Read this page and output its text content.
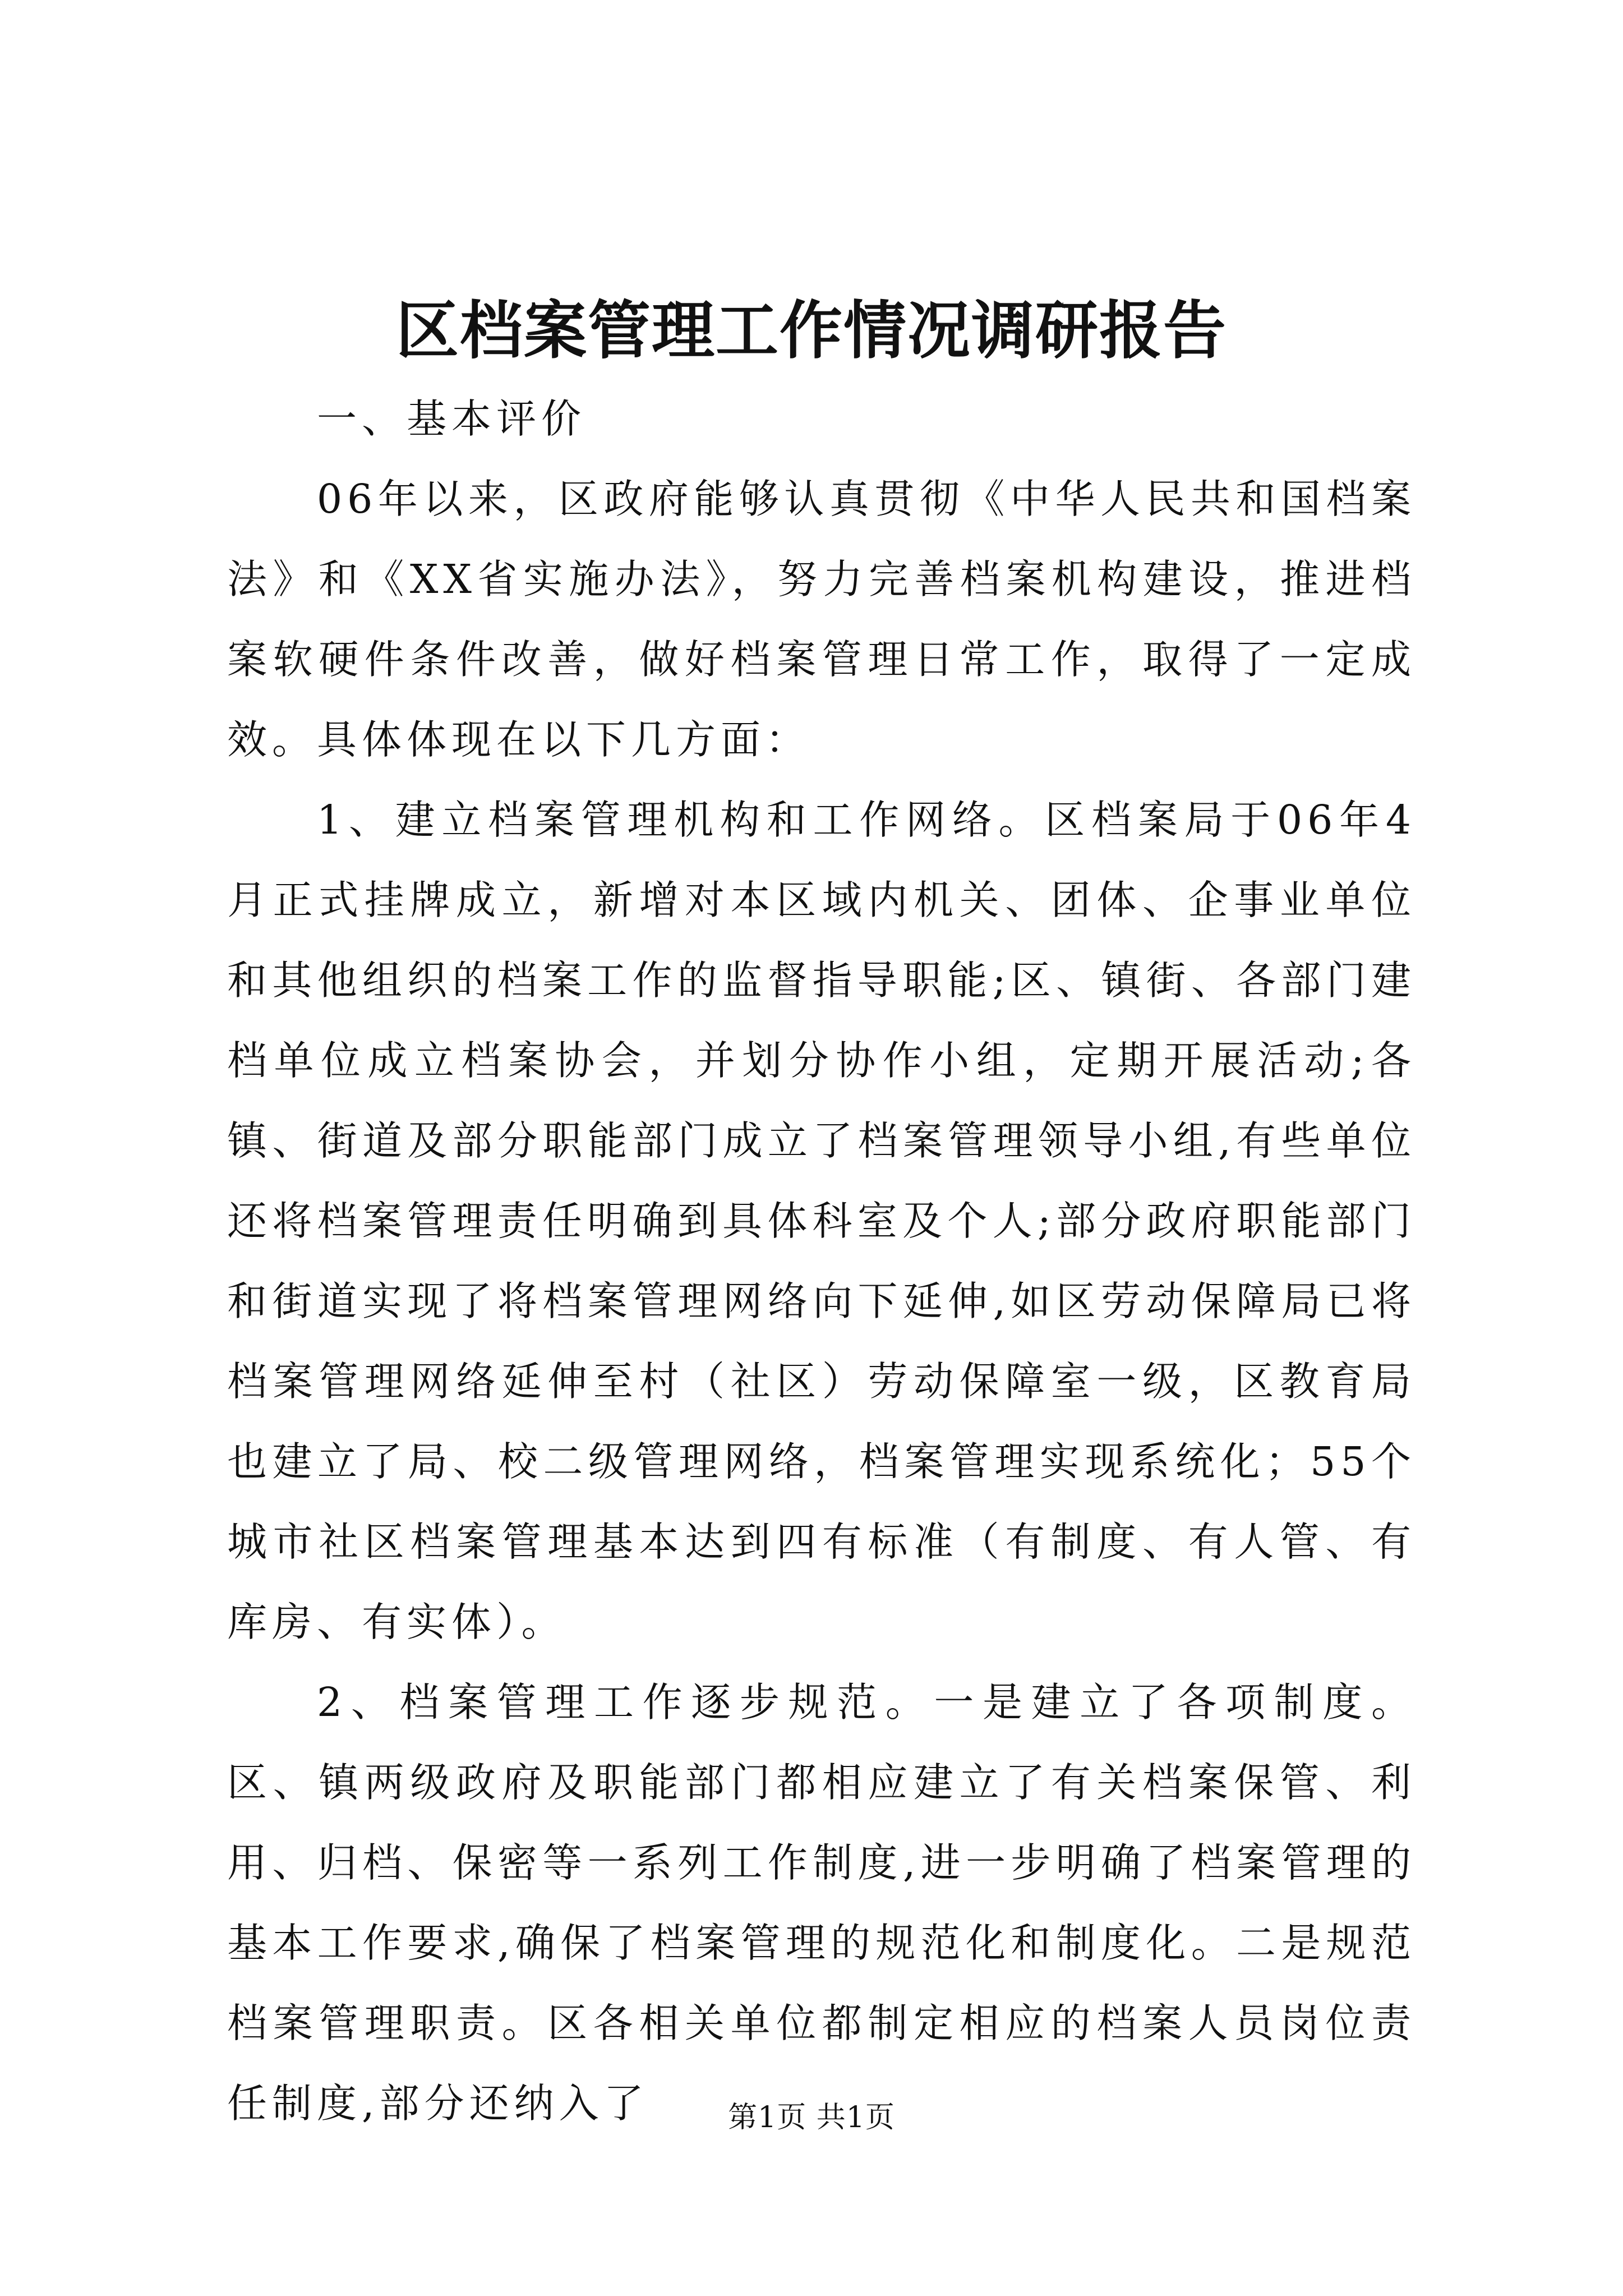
区档案管理工作情况调研报告

一、基本评价

06年以来，区政府能够认真贯彻《中华人民共和国档案法》和《XX省实施办法》，努力完善档案机构建设，推进档案软硬件条件改善，做好档案管理日常工作，取得了一定成效。具体体现在以下几方面：

1、建立档案管理机构和工作网络。区档案局于06年4月正式挂牌成立，新增对本区域内机关、团体、企事业单位和其他组织的档案工作的监督指导职能;区、镇街、各部门建档单位成立档案协会，并划分协作小组，定期开展活动;各镇、街道及部分职能部门成立了档案管理领导小组,有些单位还将档案管理责任明确到具体科室及个人;部分政府职能部门和街道实现了将档案管理网络向下延伸,如区劳动保障局已将档案管理网络延伸至村（社区）劳动保障室一级，区教育局也建立了局、校二级管理网络，档案管理实现系统化；55个城市社区档案管理基本达到四有标准（有制度、有人管、有库房、有实体）。

2、档案管理工作逐步规范。一是建立了各项制度。区、镇两级政府及职能部门都相应建立了有关档案保管、利用、归档、保密等一系列工作制度,进一步明确了档案管理的基本工作要求,确保了档案管理的规范化和制度化。二是规范档案管理职责。区各相关单位都制定相应的档案人员岗位责任制度,部分还纳入了	第1页 共1页
